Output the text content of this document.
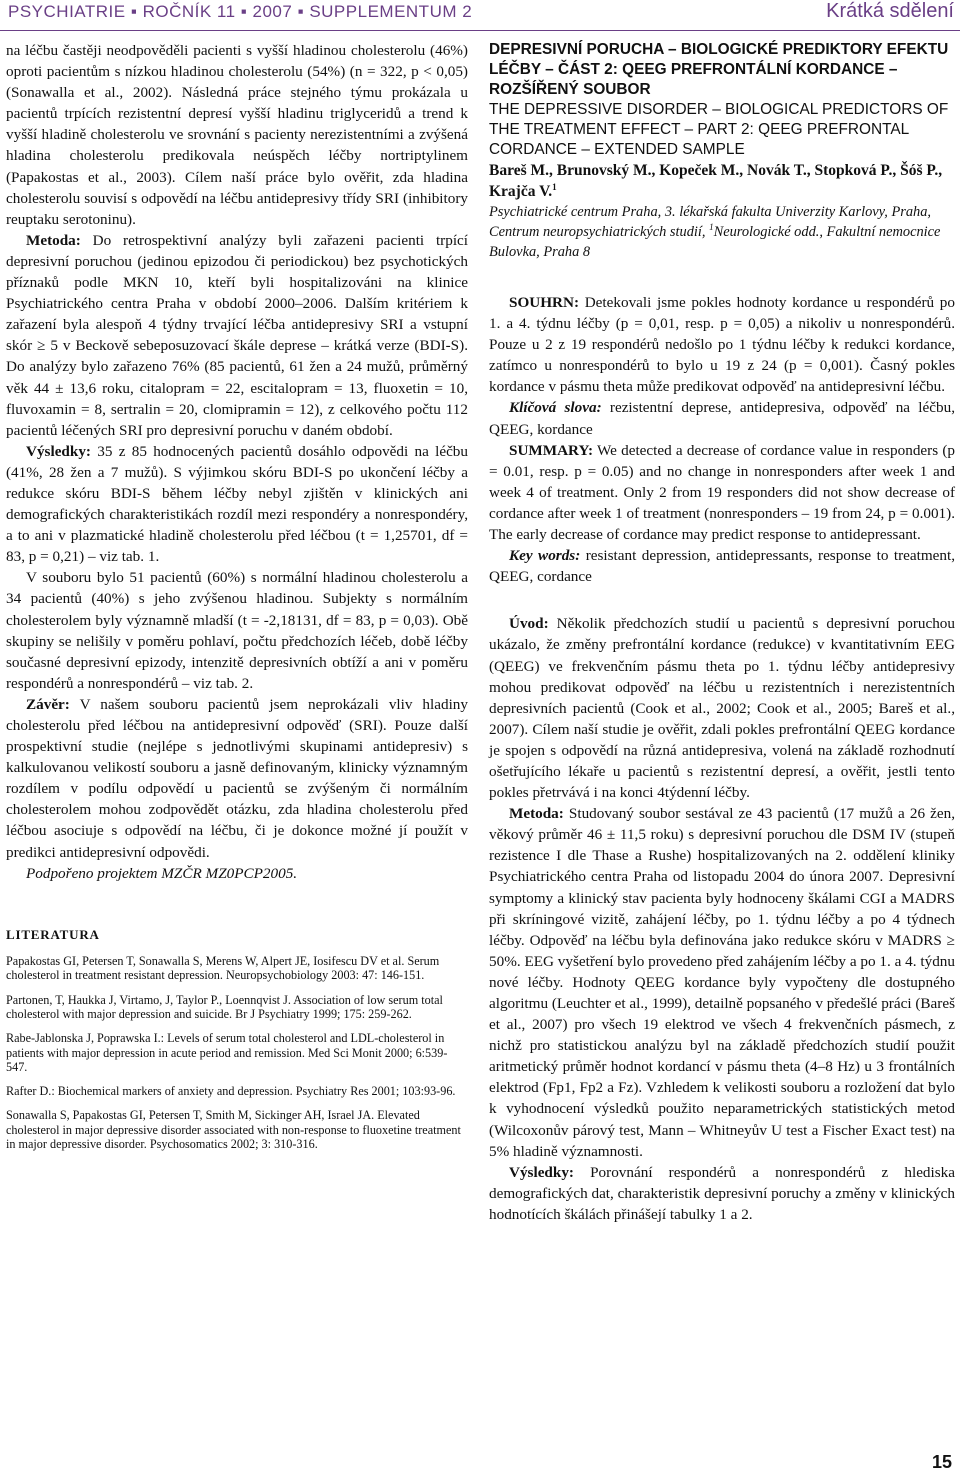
PSYCHIATRIE ▪ ROČNÍK 11 ▪ 2007 ▪ SUPPLEMENTUM 2	Krátká sdělení

na léčbu častěji neodpověděli pacienti s vyšší hladinou cholesterolu (46%) oproti pacientům s nízkou hladinou cholesterolu (54%) (n = 322, p < 0,05) (Sonawalla et al., 2002). Následná práce stejného týmu prokázala u pacientů trpících rezistentní depresí vyšší hladinu triglyceridů a trend k vyšší hladině cholesterolu ve srovnání s pacienty nerezistentními a zvýšená hladina cholesterolu predikovala neúspěch léčby nortriptylinem (Papakostas et al., 2003). Cílem naší práce bylo ověřit, zda hladina cholesterolu souvisí s odpovědí na léčbu antidepresivy třídy SRI (inhibitory reuptaku serotoninu).

Metoda: Do retrospektivní analýzy byli zařazeni pacienti trpící depresivní poruchou (jedinou epizodou či periodickou) bez psychotických příznaků podle MKN 10, kteří byli hospitalizováni na klinice Psychiatrického centra Praha v období 2000–2006. Dalším kritériem k zařazení byla alespoň 4 týdny trvající léčba antidepresivy SRI a vstupní skór ≥ 5 v Beckově sebeposuzovací škále deprese – krátká verze (BDI-S). Do analýzy bylo zařazeno 76% (85 pacientů, 61 žen a 24 mužů, průměrný věk 44 ± 13,6 roku, citalopram = 22, escitalopram = 13, fluoxetin = 10, fluvoxamin = 8, sertralin = 20, clomipramin = 12), z celkového počtu 112 pacientů léčených SRI pro depresivní poruchu v daném období.

Výsledky: 35 z 85 hodnocených pacientů dosáhlo odpovědi na léčbu (41%, 28 žen a 7 mužů). S výjimkou skóru BDI-S po ukončení léčby a redukce skóru BDI-S během léčby nebyl zjištěn v klinických ani demografických charakteristikách rozdíl mezi respondéry a nonrespondéry, a to ani v plazmatické hladině cholesterolu před léčbou (t = 1,25701, df = 83, p = 0,21) – viz tab. 1.

V souboru bylo 51 pacientů (60%) s normální hladinou cholesterolu a 34 pacientů (40%) s jeho zvýšenou hladinou. Subjekty s normálním cholesterolem byly významně mladší (t = -2,18131, df = 83, p = 0,03). Obě skupiny se nelišily v poměru pohlaví, počtu předchozích léčeb, době léčby současné depresivní epizody, intenzitě depresivních obtíží a ani v poměru respondérů a nonrespondérů – viz tab. 2.

Závěr: V našem souboru pacientů jsem neprokázali vliv hladiny cholesterolu před léčbou na antidepresivní odpověď (SRI). Pouze další prospektivní studie (nejlépe s jednotlivými skupinami antidepresiv) s kalkulovanou velikostí souboru a jasně definovaným, klinicky významným rozdílem v podílu odpovědí u pacientů se zvýšeným či normálním cholesterolem mohou zodpovědět otázku, zda hladina cholesterolu před léčbou asociuje s odpovědí na léčbu, či je dokonce možné jí použít v predikci antidepresivní odpovědi.

Podpořeno projektem MZČR MZ0PCP2005.

LITERATURA

Papakostas GI, Petersen T, Sonawalla S, Merens W, Alpert JE, Iosifescu DV et al. Serum cholesterol in treatment resistant depression. Neuropsychobiology 2003: 47: 146-151.

Partonen, T, Haukka J, Virtamo, J, Taylor P., Loennqvist J. Association of low serum total cholesterol with major depression and suicide. Br J Psychiatry 1999; 175: 259-262.

Rabe-Jablonska J, Poprawska I.: Levels of serum total cholesterol and LDL-cholesterol in patients with major depression in acute period and remission. Med Sci Monit 2000; 6:539-547.

Rafter D.: Biochemical markers of anxiety and depression. Psychiatry Res 2001; 103:93-96.

Sonawalla S, Papakostas GI, Petersen T, Smith M, Sickinger AH, Israel JA. Elevated cholesterol in major depressive disorder associated with non-response to fluoxetine treatment in major depressive disorder. Psychosomatics 2002; 3: 310-316.

DEPRESIVNÍ PORUCHA – BIOLOGICKÉ PREDIKTORY EFEKTU LÉČBY – ČÁST 2: QEEG PREFRONTÁLNÍ KORDANCE – ROZŠÍŘENÝ SOUBOR

THE DEPRESSIVE DISORDER – BIOLOGICAL PREDICTORS OF THE TREATMENT EFFECT – PART 2: QEEG PREFRONTAL CORDANCE – EXTENDED SAMPLE

Bareš M., Brunovský M., Kopeček M., Novák T., Stopková P., Šóš P., Krajča V.$^1$

Psychiatrické centrum Praha, 3. lékařská fakulta Univerzity Karlovy, Praha, Centrum neuropsychiatrických studií, $^1$Neurologické odd., Fakultní nemocnice Bulovka, Praha 8

SOUHRN: Detekovali jsme pokles hodnoty kordance u respondérů po 1. a 4. týdnu léčby (p = 0,01, resp. p = 0,05) a nikoliv u nonrespondérů. Pouze u 2 z 19 respondérů nedošlo po 1 týdnu léčby k redukci kordance, zatímco u nonrespondérů to bylo u 19 z 24 (p = 0,001). Časný pokles kordance v pásmu theta může predikovat odpověď na antidepresivní léčbu.

Klíčová slova: rezistentní deprese, antidepresiva, odpověď na léčbu, QEEG, kordance

SUMMARY: We detected a decrease of cordance value in responders (p = 0.01, resp. p = 0.05) and no change in nonresponders after week 1 and week 4 of treatment. Only 2 from 19 responders did not show decrease of cordance after week 1 of treatment (nonresponders – 19 from 24, p = 0.001). The early decrease of cordance may predict response to antidepressant.

Key words: resistant depression, antidepressants, response to treatment, QEEG, cordance

Úvod: Několik předchozích studií u pacientů s depresivní poruchou ukázalo, že změny prefrontální kordance (redukce) v kvantitativním EEG (QEEG) ve frekvenčním pásmu theta po 1. týdnu léčby antidepresivy mohou predikovat odpověď na léčbu u rezistentních i nerezistentních depresivních pacientů (Cook et al., 2002; Cook et al., 2005; Bareš et al., 2007). Cílem naší studie je ověřit, zdali pokles prefrontální QEEG kordance je spojen s odpovědí na různá antidepresiva, volená na základě rozhodnutí ošetřujícího lékaře u pacientů s rezistentní depresí, a ověřit, jestli tento pokles přetrvává i na konci 4týdenní léčby.

Metoda: Studovaný soubor sestával ze 43 pacientů (17 mužů a 26 žen, věkový průměr 46 ± 11,5 roku) s depresivní poruchou dle DSM IV (stupeň rezistence I dle Thase a Rushe) hospitalizovaných na 2. oddělení kliniky Psychiatrického centra Praha od listopadu 2004 do února 2007. Depresivní symptomy a klinický stav pacienta byly hodnoceny škálami CGI a MADRS při skríningové vizitě, zahájení léčby, po 1. týdnu léčby a po 4 týdnech léčby. Odpověď na léčbu byla definována jako redukce skóru v MADRS ≥ 50%. EEG vyšetření bylo provedeno před zahájením léčby a po 1. a 4. týdnu nové léčby. Hodnoty QEEG kordance byly vypočteny dle dostupného algoritmu (Leuchter et al., 1999), detailně popsaného v předešlé práci (Bareš et al., 2007) pro všech 19 elektrod ve všech 4 frekvenčních pásmech, z nichž pro statistickou analýzu byl na základě předchozích studií použit aritmetický průměr hodnot kordancí v pásmu theta (4–8 Hz) u 3 frontálních elektrod (Fp1, Fp2 a Fz). Vzhledem k velikosti souboru a rozložení dat bylo k vyhodnocení výsledků použito neparametrických statistických metod (Wilcoxonův párový test, Mann – Whitneyův U test a Fischer Exact test) na 5% hladině významnosti.

Výsledky: Porovnání respondérů a nonrespondérů z hlediska demografických dat, charakteristik depresivní poruchy a změny v klinických hodnotících škálách přinášejí tabulky 1 a 2.

15
